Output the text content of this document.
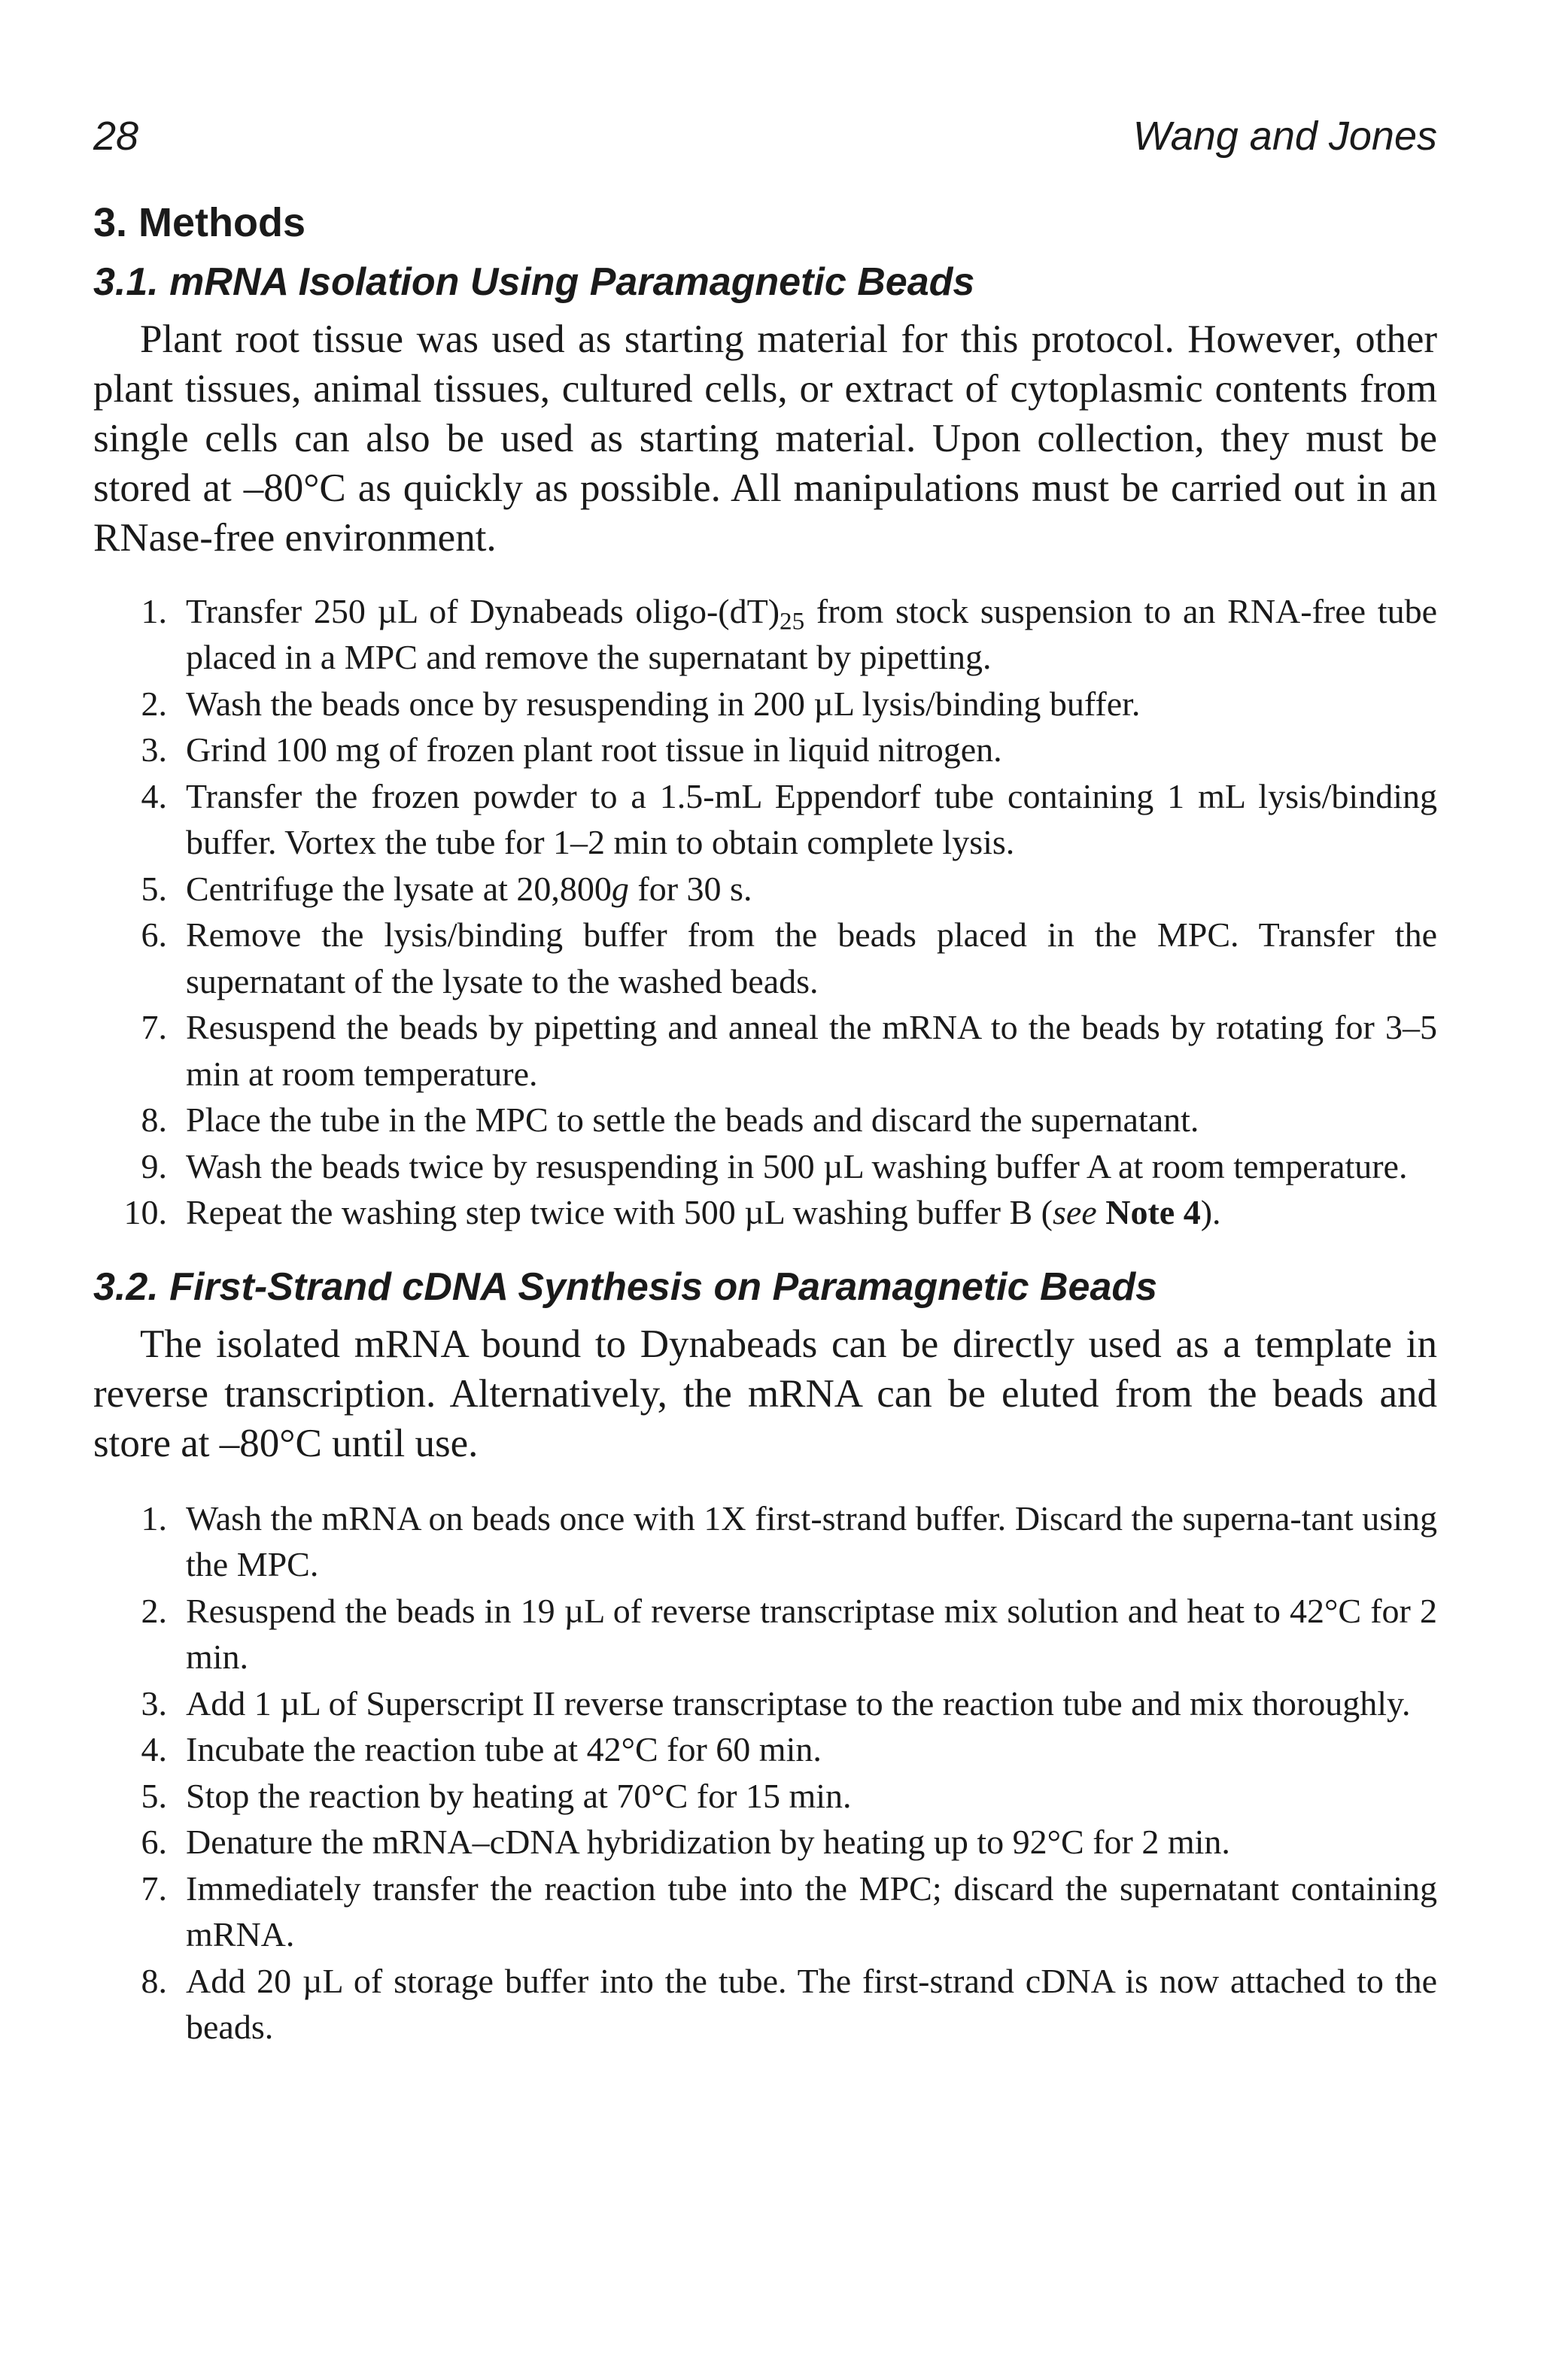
28	Wang and Jones
3. Methods
3.1. mRNA Isolation Using Paramagnetic Beads

Plant root tissue was used as starting material for this protocol. However, other plant tissues, animal tissues, cultured cells, or extract of cytoplasmic contents from single cells can also be used as starting material. Upon collection, they must be stored at –80°C as quickly as possible. All manipulations must be carried out in an RNase-free environment.

1. Transfer 250 µL of Dynabeads oligo-$(dT)_{25}$ from stock suspension to an RNA-free tube placed in a MPC and remove the supernatant by pipetting.
2. Wash the beads once by resuspending in 200 µL lysis/binding buffer.
3. Grind 100 mg of frozen plant root tissue in liquid nitrogen.
4. Transfer the frozen powder to a 1.5-mL Eppendorf tube containing 1 mL lysis/binding buffer. Vortex the tube for 1–2 min to obtain complete lysis.
5. Centrifuge the lysate at 20,800g for 30 s.
6. Remove the lysis/binding buffer from the beads placed in the MPC. Transfer the supernatant of the lysate to the washed beads.
7. Resuspend the beads by pipetting and anneal the mRNA to the beads by rotating for 3–5 min at room temperature.
8. Place the tube in the MPC to settle the beads and discard the supernatant.
9. Wash the beads twice by resuspending in 500 µL washing buffer A at room temperature.
10. Repeat the washing step twice with 500 µL washing buffer B (see Note 4).
3.2. First-Strand cDNA Synthesis on Paramagnetic Beads

The isolated mRNA bound to Dynabeads can be directly used as a template in reverse transcription. Alternatively, the mRNA can be eluted from the beads and store at –80°C until use.

1. Wash the mRNA on beads once with 1X first-strand buffer. Discard the superna-tant using the MPC.
2. Resuspend the beads in 19 µL of reverse transcriptase mix solution and heat to 42°C for 2 min.
3. Add 1 µL of Superscript II reverse transcriptase to the reaction tube and mix thoroughly.
4. Incubate the reaction tube at 42°C for 60 min.
5. Stop the reaction by heating at 70°C for 15 min.
6. Denature the mRNA–cDNA hybridization by heating up to 92°C for 2 min.
7. Immediately transfer the reaction tube into the MPC; discard the supernatant containing mRNA.
8. Add 20 µL of storage buffer into the tube. The first-strand cDNA is now attached to the beads.
